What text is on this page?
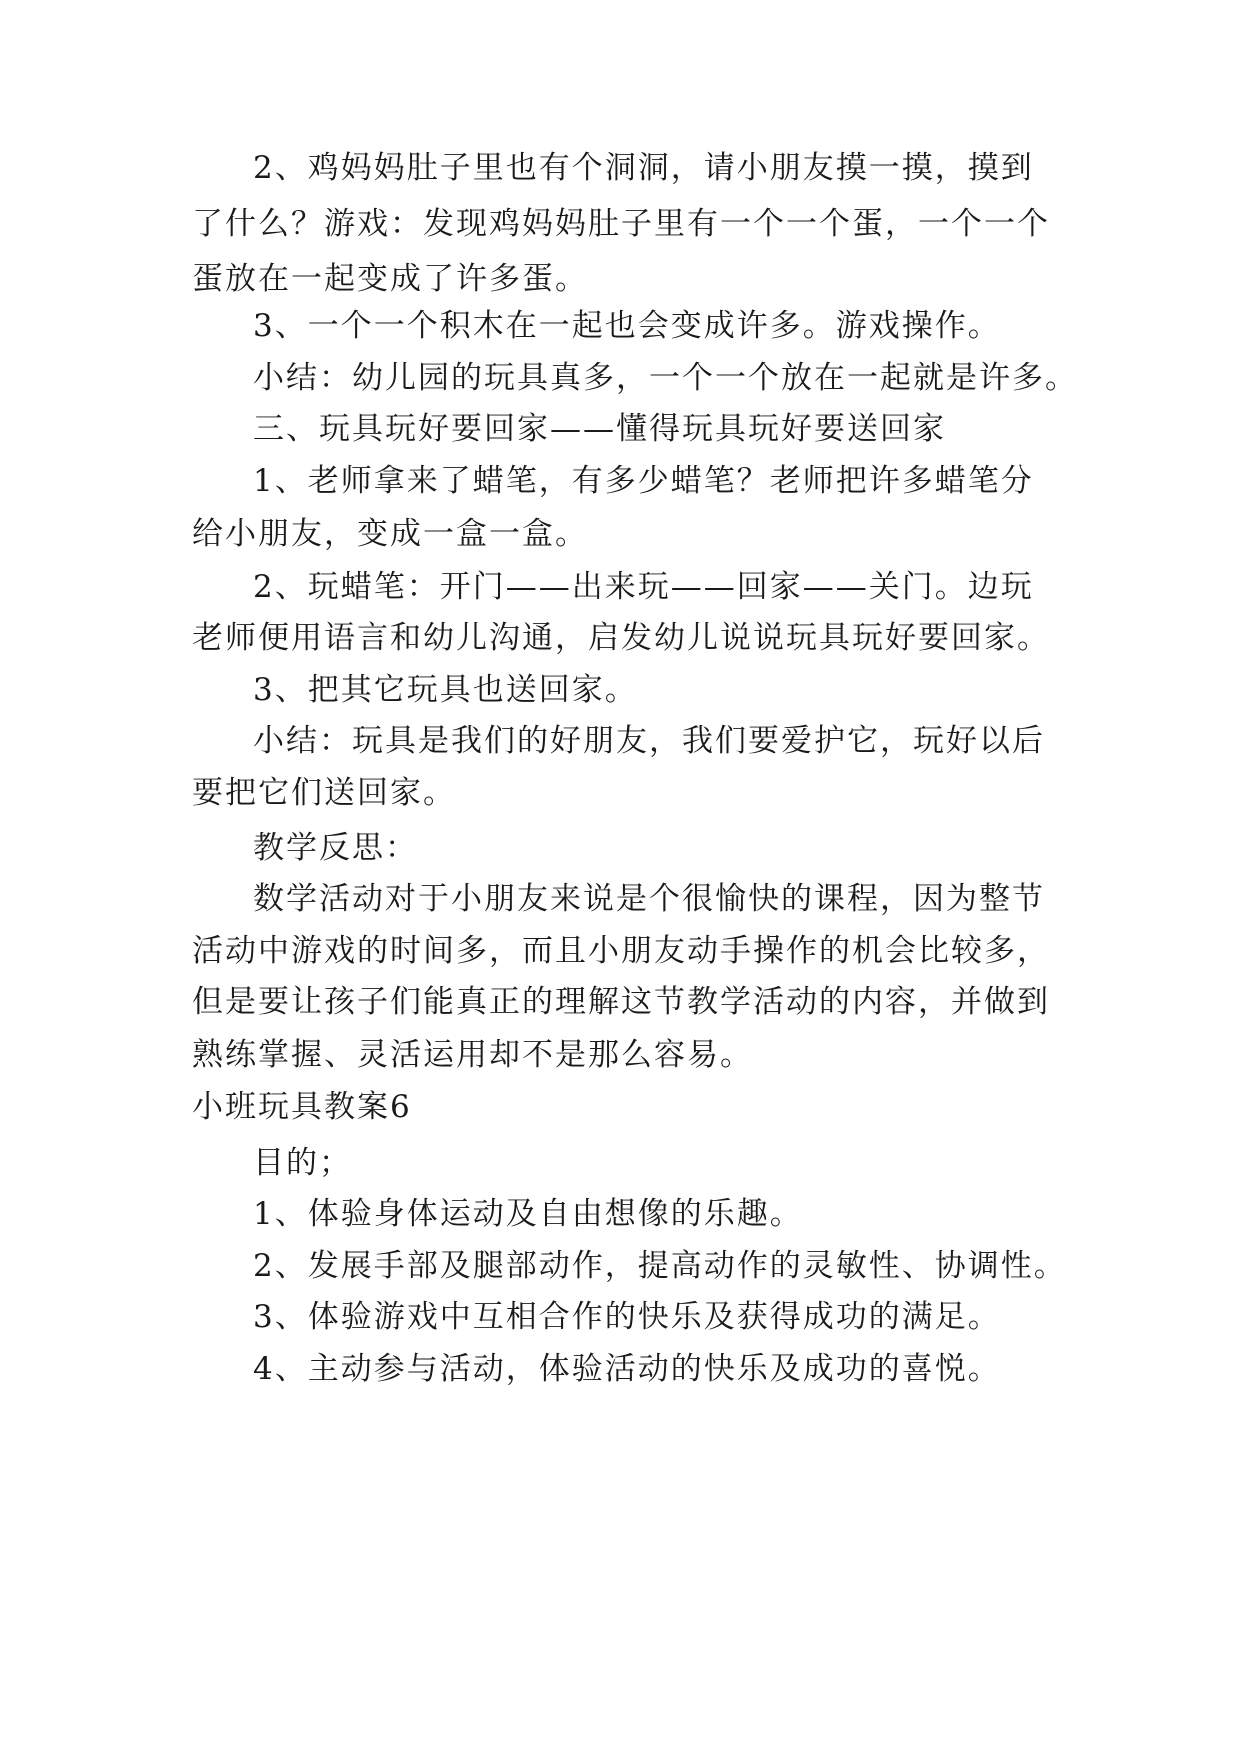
2、鸡妈妈肚子里也有个洞洞，请小朋友摸一摸，摸到
了什么？游戏：发现鸡妈妈肚子里有一个一个蛋，一个一个
蛋放在一起变成了许多蛋。
3、一个一个积木在一起也会变成许多。游戏操作。
小结：幼儿园的玩具真多，一个一个放在一起就是许多。
三、玩具玩好要回家——懂得玩具玩好要送回家
1、老师拿来了蜡笔，有多少蜡笔？老师把许多蜡笔分
给小朋友，变成一盒一盒。
2、玩蜡笔：开门——出来玩——回家——关门。边玩
老师便用语言和幼儿沟通，启发幼儿说说玩具玩好要回家。
3、把其它玩具也送回家。
小结：玩具是我们的好朋友，我们要爱护它，玩好以后
要把它们送回家。
教学反思：
数学活动对于小朋友来说是个很愉快的课程，因为整节
活动中游戏的时间多，而且小朋友动手操作的机会比较多，
但是要让孩子们能真正的理解这节教学活动的内容，并做到
熟练掌握、灵活运用却不是那么容易。
小班玩具教案6
目的；
1、体验身体运动及自由想像的乐趣。
2、发展手部及腿部动作，提高动作的灵敏性、协调性。
3、体验游戏中互相合作的快乐及获得成功的满足。
4、主动参与活动，体验活动的快乐及成功的喜悦。
